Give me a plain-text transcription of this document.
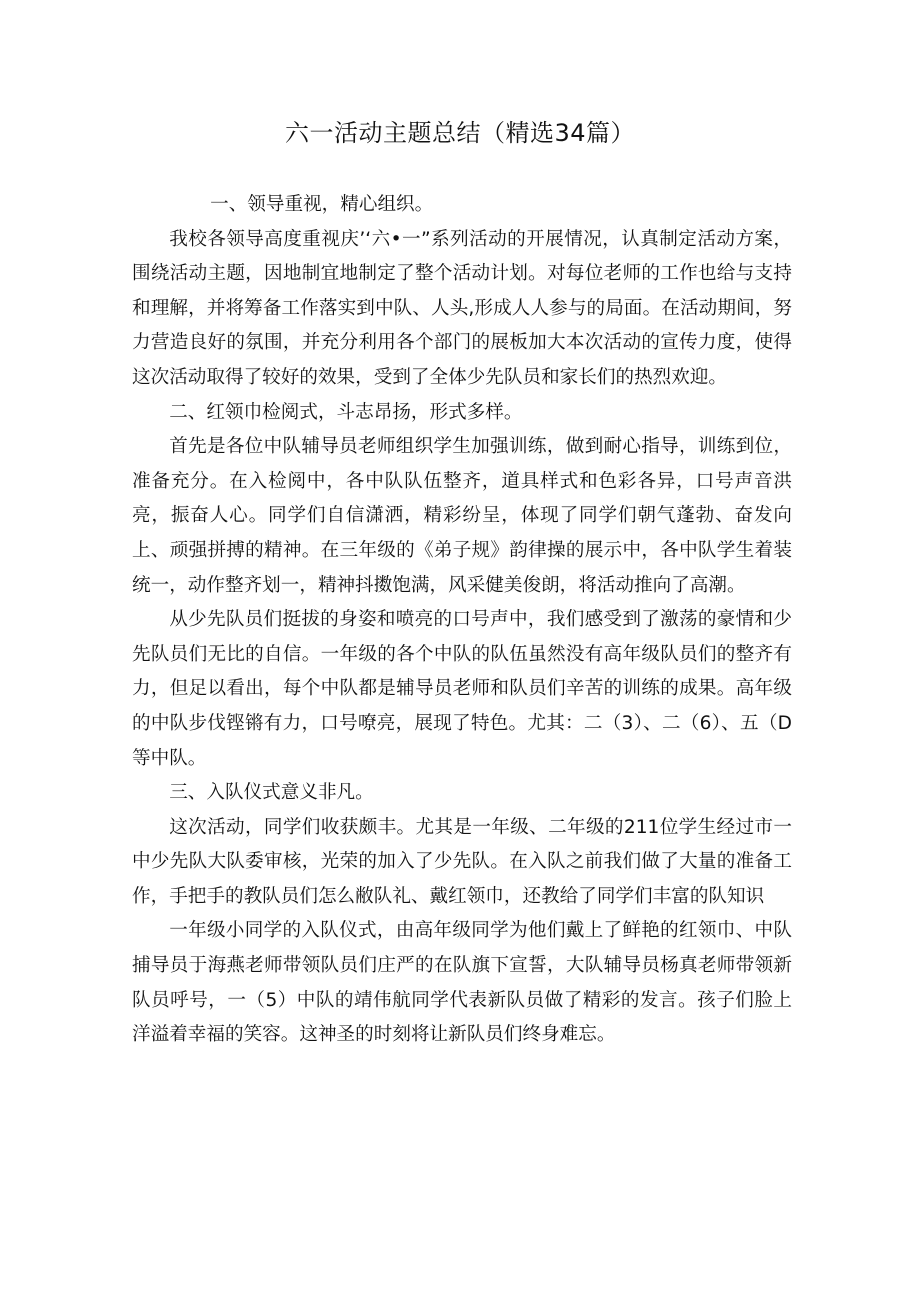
六一活动主题总结（精选34篇）

一、领导重视，精心组织。

我校各领导高度重视庆’‘六•一”系列活动的开展情况，认真制定活动方案，围绕活动主题，因地制宜地制定了整个活动计划。对每位老师的工作也给与支持和理解，并将筹备工作落实到中队、人头,形成人人参与的局面。在活动期间，努力营造良好的氛围，并充分利用各个部门的展板加大本次活动的宣传力度，使得这次活动取得了较好的效果，受到了全体少先队员和家长们的热烈欢迎。

二、红领巾检阅式，斗志昂扬，形式多样。

首先是各位中队辅导员老师组织学生加强训练，做到耐心指导，训练到位，准备充分。在入检阅中，各中队队伍整齐，道具样式和色彩各异，口号声音洪亮，振奋人心。同学们自信潇洒，精彩纷呈，体现了同学们朝气蓬勃、奋发向上、顽强拼搏的精神。在三年级的《弟子规》韵律操的展示中，各中队学生着装统一，动作整齐划一，精神抖擞饱满，风采健美俊朗，将活动推向了高潮。

从少先队员们挺拔的身姿和喷亮的口号声中，我们感受到了激荡的豪情和少先队员们无比的自信。一年级的各个中队的队伍虽然没有高年级队员们的整齐有力，但足以看出，每个中队都是辅导员老师和队员们辛苦的训练的成果。高年级的中队步伐铿锵有力，口号嘹亮，展现了特色。尤其：二（3）、二（6）、五（D等中队。

三、入队仪式意义非凡。

这次活动，同学们收获颇丰。尤其是一年级、二年级的211位学生经过市一中少先队大队委审核，光荣的加入了少先队。在入队之前我们做了大量的准备工作，手把手的教队员们怎么敝队礼、戴红领巾，还教给了同学们丰富的队知识

一年级小同学的入队仪式，由高年级同学为他们戴上了鲜艳的红领巾、中队捕导员于海燕老师带领队员们庄严的在队旗下宣誓，大队辅导员杨真老师带领新队员呼号，一（5）中队的靖伟航同学代表新队员做了精彩的发言。孩子们脸上洋溢着幸福的笑容。这神圣的时刻将让新队员们终身难忘。
